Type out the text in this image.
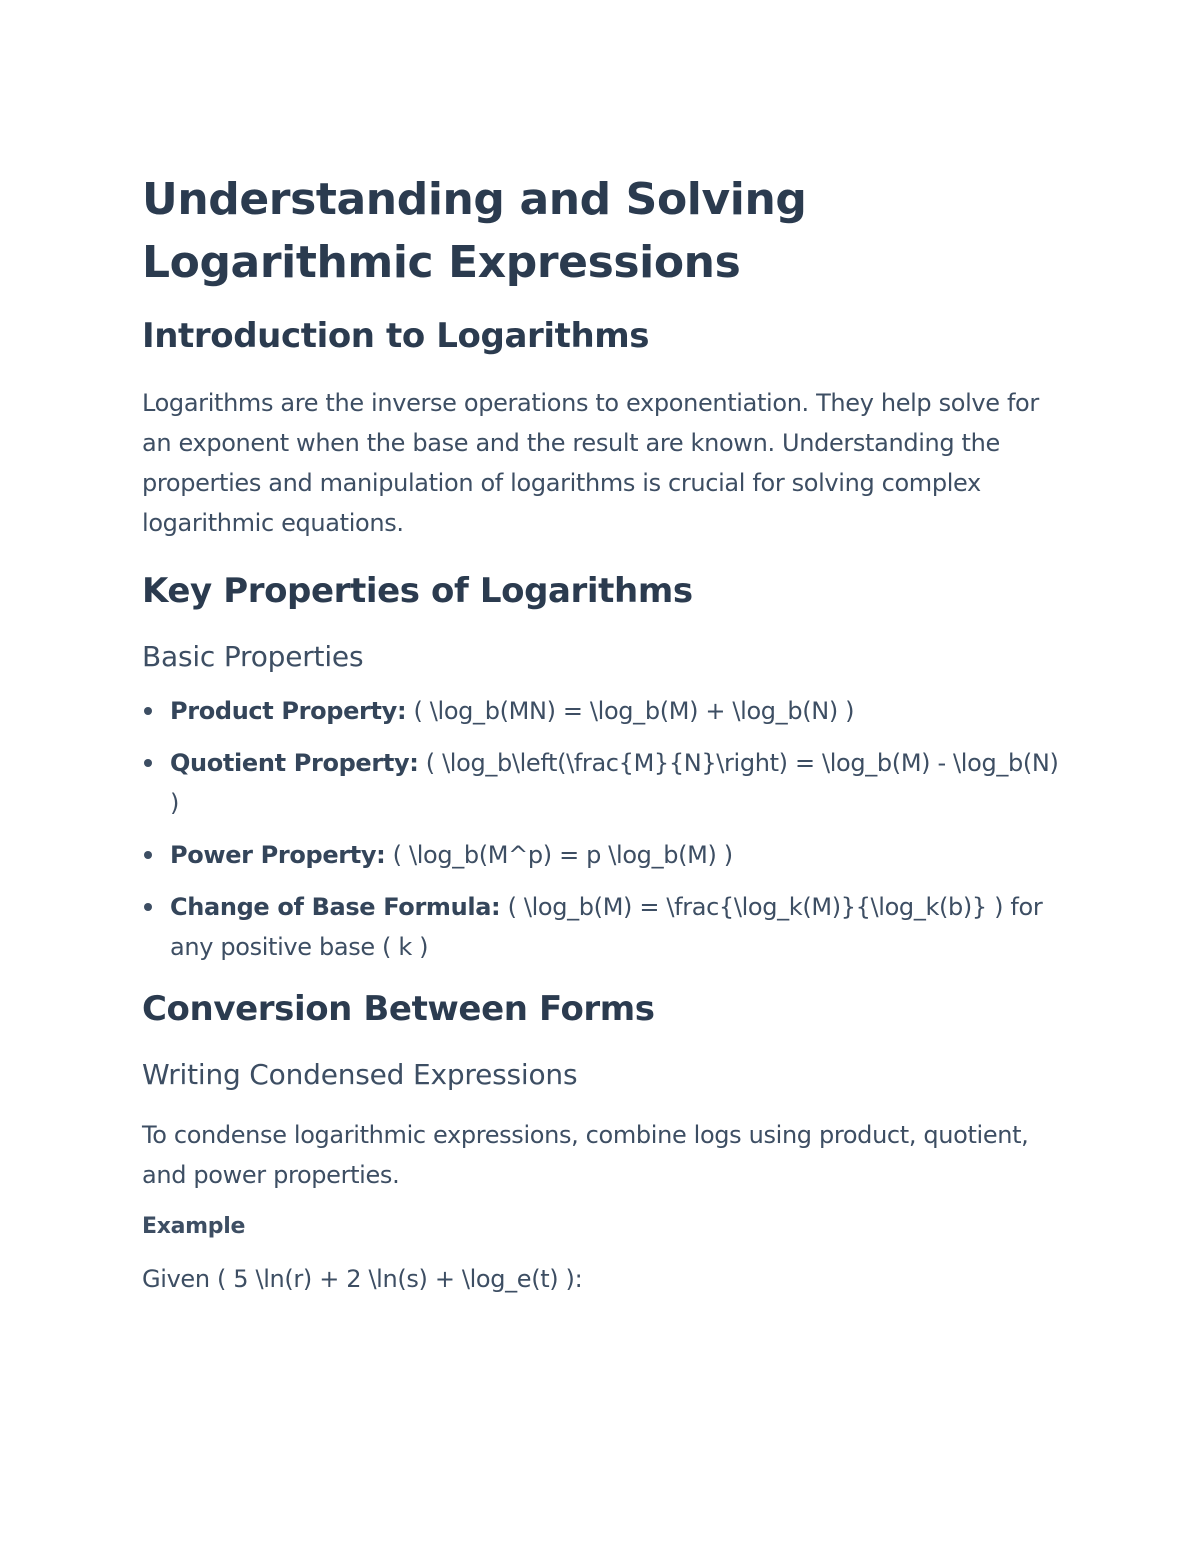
Understanding and Solving Logarithmic Expressions
Introduction to Logarithms

Logarithms are the inverse operations to exponentiation. They help solve for an exponent when the base and the result are known. Understanding the properties and manipulation of logarithms is crucial for solving complex logarithmic equations.

Key Properties of Logarithms
Basic Properties
Product Property: ( \log_b(MN) = \log_b(M) + \log_b(N) )
Quotient Property: ( \log_b\left(\frac{M}{N}\right) = \log_b(M) - \log_b(N) )
Power Property: ( \log_b(M^p) = p \log_b(M) )
Change of Base Formula: ( \log_b(M) = \frac{\log_k(M)}{\log_k(b)} ) for any positive base ( k )
Conversion Between Forms
Writing Condensed Expressions

To condense logarithmic expressions, combine logs using product, quotient, and power properties.

Example

Given ( 5 \ln(r) + 2 \ln(s) + \log_e(t) ):
